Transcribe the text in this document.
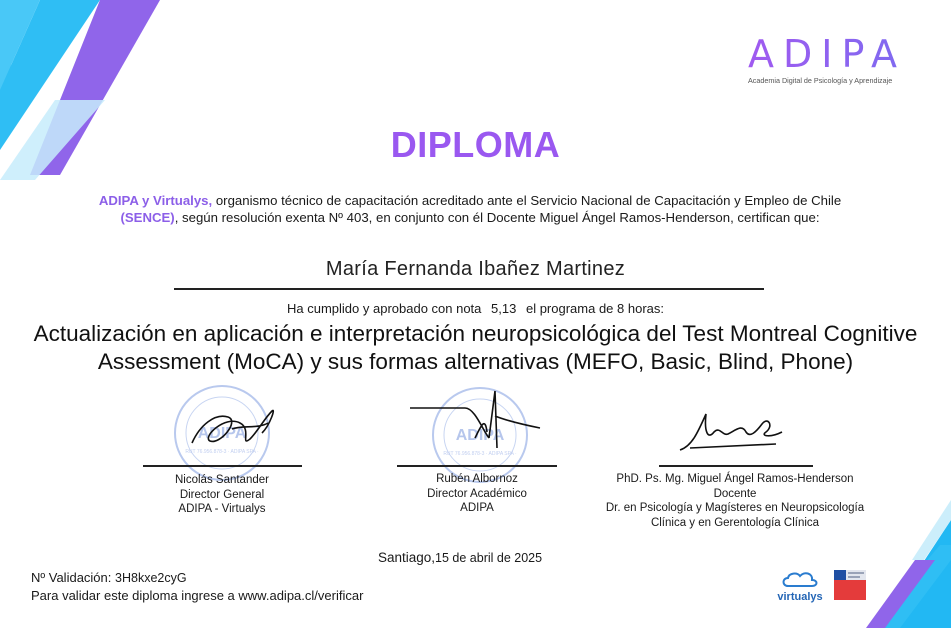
ADIPA
Academia Digital de Psicología y Aprendizaje
DIPLOMA
ADIPA y Virtualys, organismo técnico de capacitación acreditado ante el Servicio Nacional de Capacitación y Empleo de Chile (SENCE), según resolución exenta Nº 403, en conjunto con él Docente Miguel Ángel Ramos-Henderson, certifican que:
María Fernanda Ibañez Martinez
Ha cumplido y aprobado con nota 5,13 el programa de 8 horas:
Actualización en aplicación e interpretación neuropsicológica del Test Montreal Cognitive Assessment (MoCA) y sus formas alternativas (MEFO, Basic, Blind, Phone)
ADIPA
RUT 76.956.878-3 · ADIPA SPA ·
ADIPA
RUT 76.956.878-3 · ADIPA SPA ·
Nicolás Santander
Director General
ADIPA - Virtualys
Rubén Albornoz
Director Académico
ADIPA
PhD. Ps. Mg. Miguel Ángel Ramos-Henderson
Docente
Dr. en Psicología y Magísteres en Neuropsicología
Clínica y en Gerentología Clínica
Santiago,15 de abril de 2025
Nº Validación: 3H8kxe2cyG
Para validar este diploma ingrese a www.adipa.cl/verificar	virtualys
